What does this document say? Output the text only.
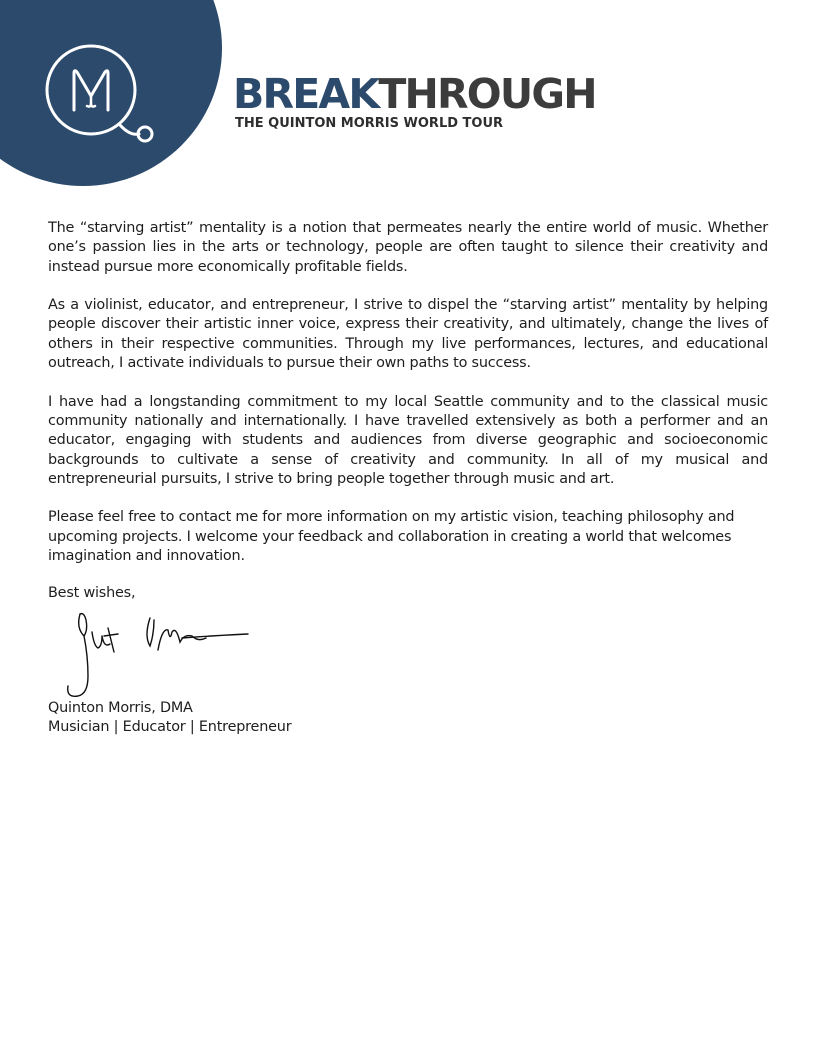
BREAKTHROUGH
THE QUINTON MORRIS WORLD TOUR

The “starving artist” mentality is a notion that permeates nearly the entire world of music. Whether one’s passion lies in the arts or technology, people are often taught to silence their creativity and instead pursue more economically profitable fields.

As a violinist, educator, and entrepreneur, I strive to dispel the “starving artist” mentality by helping people discover their artistic inner voice, express their creativity, and ultimately, change the lives of others in their respective communities. Through my live performances, lectures, and educational outreach, I activate individuals to pursue their own paths to success.

I have had a longstanding commitment to my local Seattle community and to the classical music community nationally and internationally. I have travelled extensively as both a performer and an educator, engaging with students and audiences from diverse geographic and socioeconomic backgrounds to cultivate a sense of creativity and community. In all of my musical and entrepreneurial pursuits, I strive to bring people together through music and art.

Please feel free to contact me for more information on my artistic vision, teaching philosophy and upcoming projects. I welcome your feedback and collaboration in creating a world that welcomes imagination and innovation.

Best wishes,
Quinton Morris, DMA
Musician | Educator | Entrepreneur
